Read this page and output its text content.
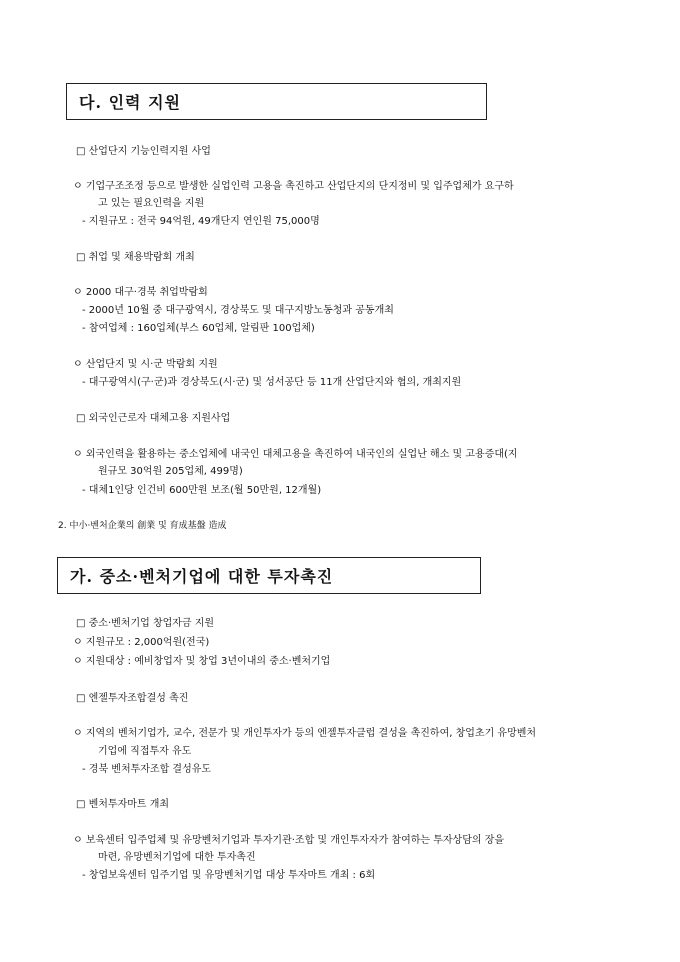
다. 인력 지원
□ 산업단지 기능인력지원 사업
ㅇ 기업구조조정 등으로 발생한 실업인력 고용을 촉진하고 산업단지의 단지정비 및 입주업체가 요구하
고 있는 필요인력을 지원
- 지원규모 : 전국 94억원, 49개단지 연인원 75,000명
□ 취업 및 채용박람회 개최
ㅇ 2000 대구·경북 취업박람회
- 2000년 10월 중 대구광역시, 경상북도 및 대구지방노동청과 공동개최
- 참여업체 : 160업체(부스 60업체, 알림판 100업체)
ㅇ 산업단지 및 시·군 박람회 지원
- 대구광역시(구·군)과 경상북도(시·군) 및 성서공단 등 11개 산업단지와 협의, 개최지원
□ 외국인근로자 대체고용 지원사업
ㅇ 외국인력을 활용하는 중소업체에 내국인 대체고용을 촉진하여 내국인의 실업난 해소 및 고용증대(지
원규모 30억원 205업체, 499명)
- 대체1인당 인건비 600만원 보조(월 50만원, 12개월)
2. 中小·벤처企業의 創業 및 育成基盤 造成
가. 중소·벤처기업에 대한 투자촉진
□ 중소·벤처기업 창업자금 지원
ㅇ 지원규모 : 2,000억원(전국)
ㅇ 지원대상 : 예비창업자 및 창업 3년이내의 중소·벤처기업
□ 엔젤투자조합결성 촉진
ㅇ 지역의 벤처기업가, 교수, 전문가 및 개인투자가 등의 엔젤투자클럽 결성을 촉진하여, 창업초기 유망벤처
기업에 직접투자 유도
- 경북 벤처투자조합 결성유도
□ 벤처투자마트 개최
ㅇ 보육센터 입주업체 및 유망벤처기업과 투자기관·조합 및 개인투자자가 참여하는 투자상담의 장을
마련, 유망벤처기업에 대한 투자촉진
- 창업보육센터 입주기업 및 유망벤처기업 대상 투자마트 개최 : 6회
